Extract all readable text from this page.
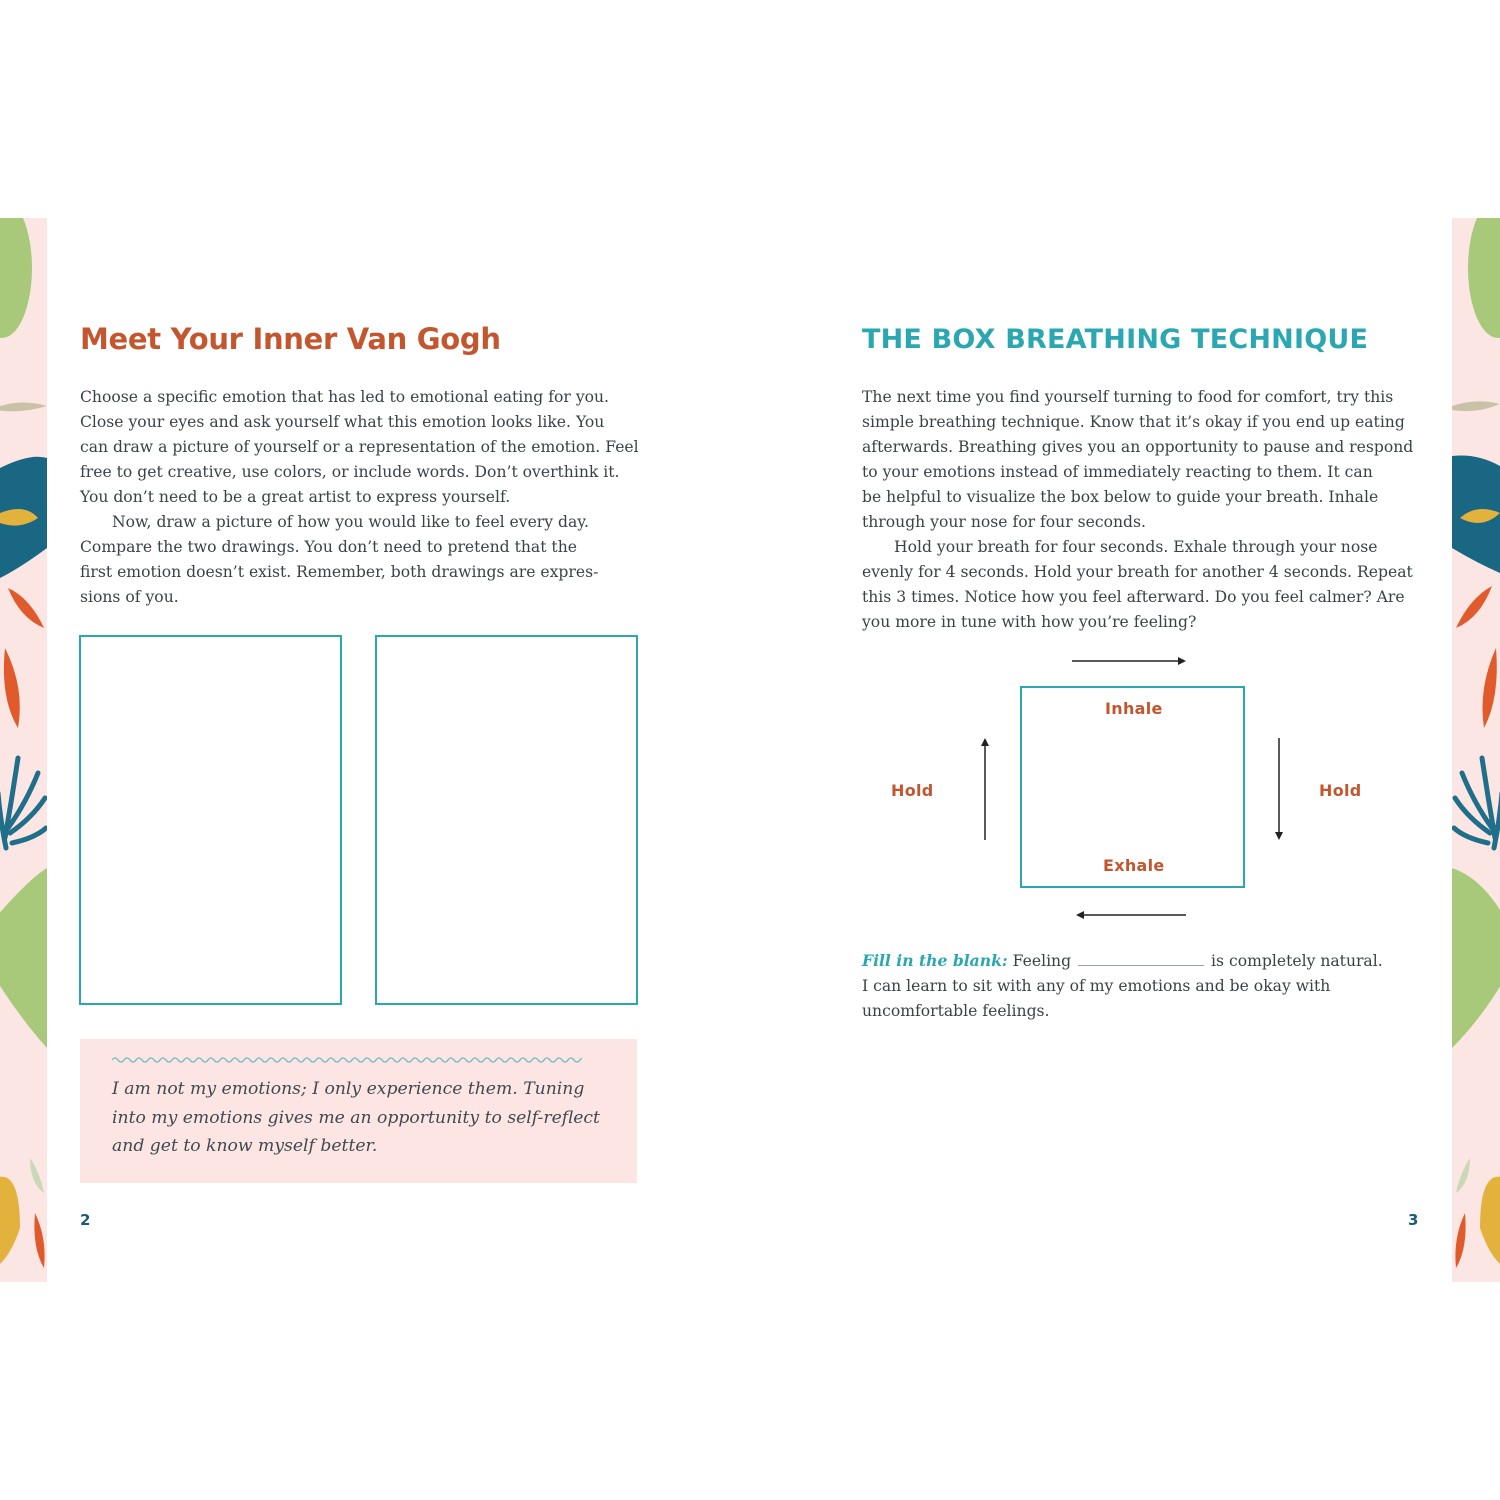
Meet Your Inner Van Gogh
Choose a specific emotion that has led to emotional eating for you.
Close your eyes and ask yourself what this emotion looks like. You
can draw a picture of yourself or a representation of the emotion. Feel
free to get creative, use colors, or include words. Don’t overthink it.
You don’t need to be a great artist to express yourself.
Now, draw a picture of how you would like to feel every day.
Compare the two drawings. You don’t need to pretend that the
first emotion doesn’t exist. Remember, both drawings are expres-
sions of you.

I am not my emotions; I only experience them. Tuning
into my emotions gives me an opportunity to self-reflect
and get to know myself better.

2
THE BOX BREATHING TECHNIQUE
The next time you find yourself turning to food for comfort, try this
simple breathing technique. Know that it’s okay if you end up eating
afterwards. Breathing gives you an opportunity to pause and respond
to your emotions instead of immediately reacting to them. It can
be helpful to visualize the box below to guide your breath. Inhale
through your nose for four seconds.
Hold your breath for four seconds. Exhale through your nose
evenly for 4 seconds. Hold your breath for another 4 seconds. Repeat
this 3 times. Notice how you feel afterward. Do you feel calmer? Are
you more in tune with how you’re feeling?
Inhale
Exhale
Hold	Hold
Fill in the blank: Feeling	is completely natural.
I can learn to sit with any of my emotions and be okay with
uncomfortable feelings.
3
